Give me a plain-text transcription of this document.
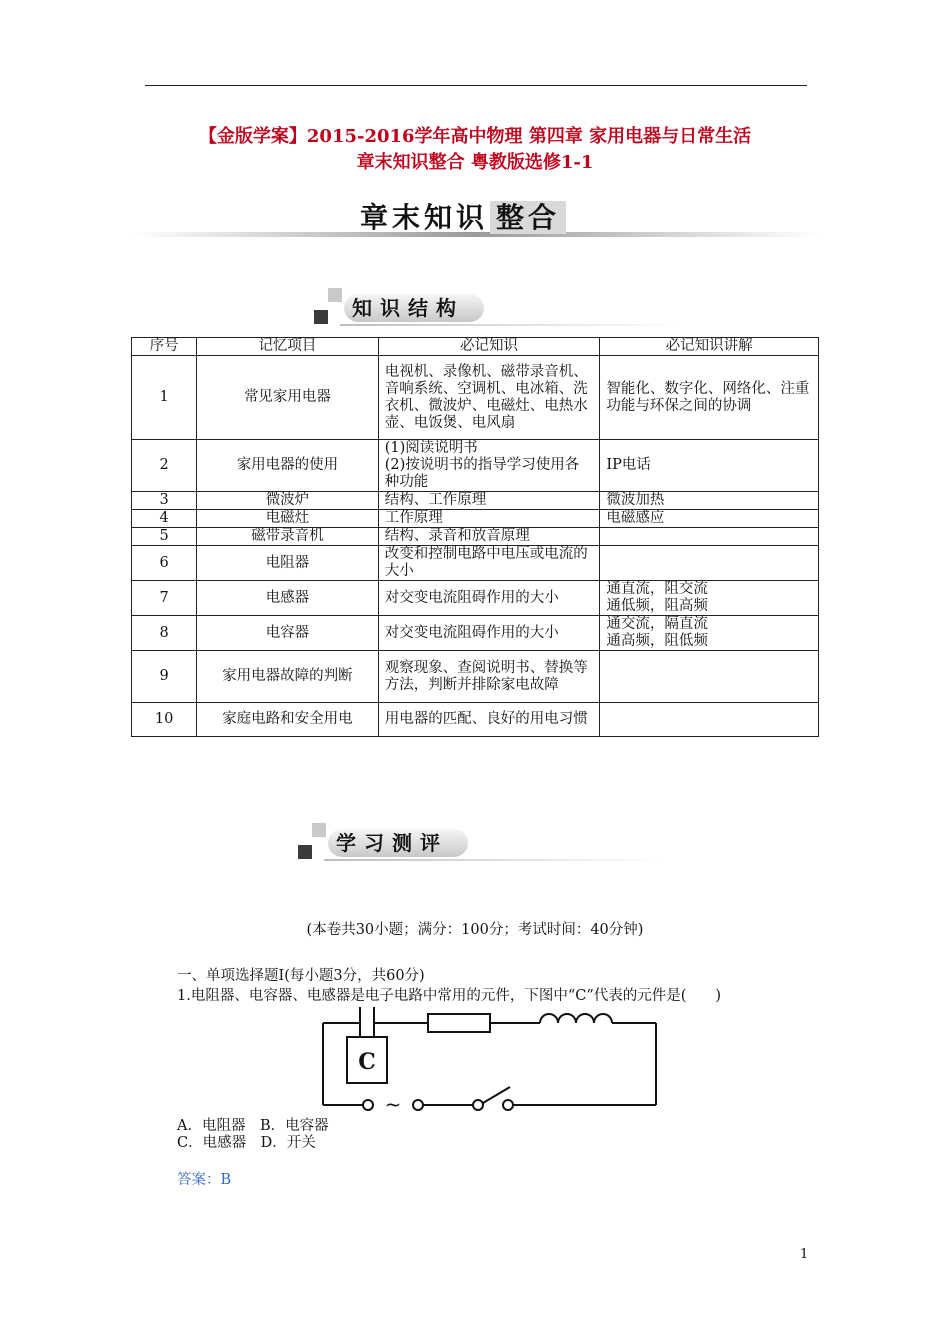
【金版学案】2015-2016学年高中物理 第四章 家用电器与日常生活
章末知识整合 粤教版选修1-1
章末知识 整合
知识结构
序号	记忆项目	必记知识	必记知识讲解
1	常见家用电器	电视机、录像机、磁带录音机、音响系统、空调机、电冰箱、洗衣机、微波炉、电磁灶、电热水壶、电饭煲、电风扇	智能化、数字化、网络化、注重功能与环保之间的协调
2	家用电器的使用	(1)阅读说明书
(2)按说明书的指导学习使用各种功能	IP电话
3	微波炉	结构、工作原理	微波加热
4	电磁灶	工作原理	电磁感应
5	磁带录音机	结构、录音和放音原理	
6	电阻器	改变和控制电路中电压或电流的大小	
7	电感器	对交变电流阻碍作用的大小	通直流，阻交流
通低频，阻高频
8	电容器	对交变电流阻碍作用的大小	通交流，隔直流
通高频，阻低频
9	家用电器故障的判断	观察现象、查阅说明书、替换等方法，判断并排除家电故障	
10	家庭电路和安全用电	用电器的匹配、良好的用电习惯	
学习测评
(本卷共30小题；满分：100分；考试时间：40分钟)
一、单项选择题Ⅰ(每小题3分，共60分)
1.电阻器、电容器、电感器是电子电路中常用的元件，下图中“C”代表的元件是(　　)
C
~
A．电阻器　B．电容器
C．电感器　D．开关
答案：B
1
